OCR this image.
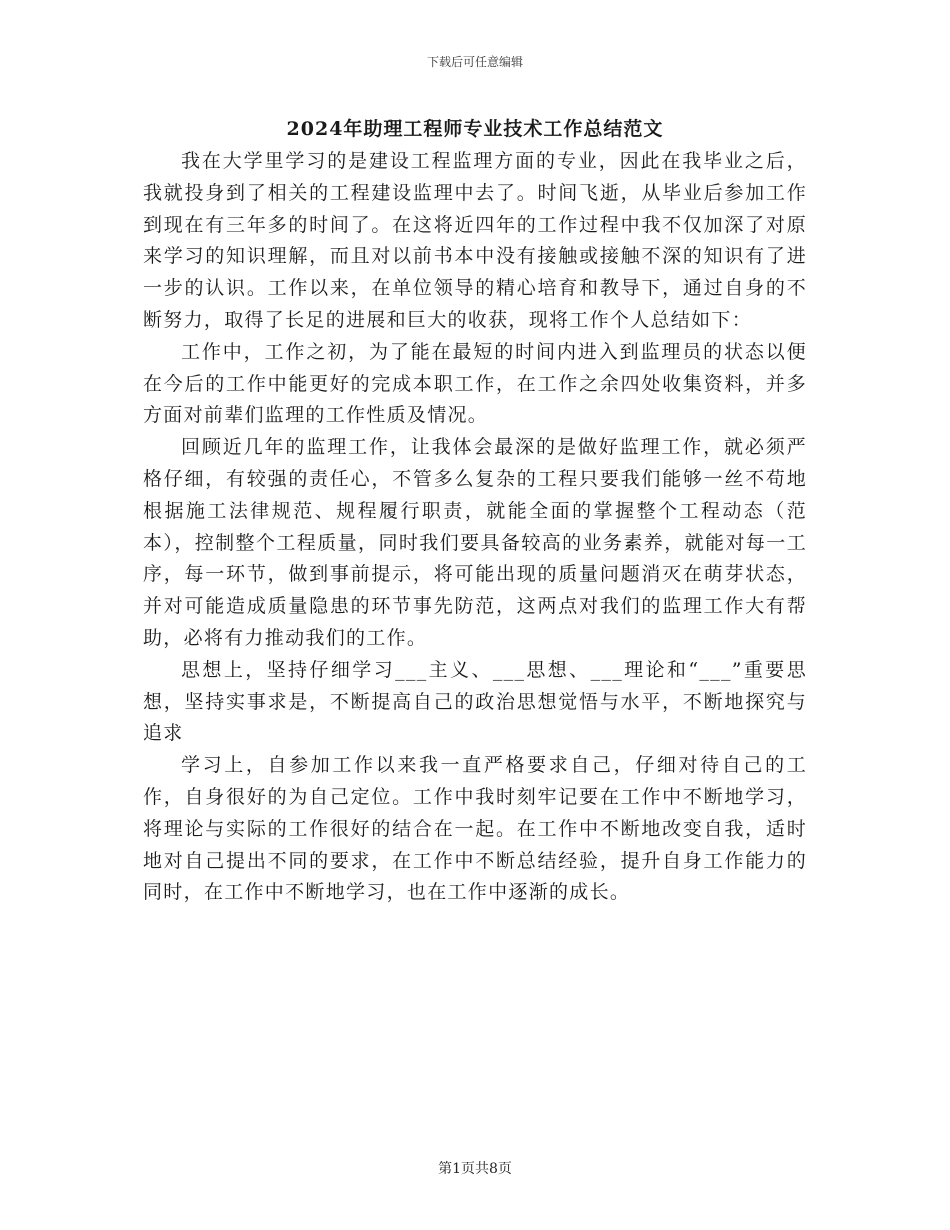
下载后可任意编辑
2024年助理工程师专业技术工作总结范文

我在大学里学习的是建设工程监理方面的专业，因此在我毕业之后，我就投身到了相关的工程建设监理中去了。时间飞逝，从毕业后参加工作到现在有三年多的时间了。在这将近四年的工作过程中我不仅加深了对原来学习的知识理解，而且对以前书本中没有接触或接触不深的知识有了进一步的认识。工作以来，在单位领导的精心培育和教导下，通过自身的不断努力，取得了长足的进展和巨大的收获，现将工作个人总结如下：

工作中，工作之初，为了能在最短的时间内进入到监理员的状态以便在今后的工作中能更好的完成本职工作，在工作之余四处收集资料，并多方面对前辈们监理的工作性质及情况。

回顾近几年的监理工作，让我体会最深的是做好监理工作，就必须严格仔细，有较强的责任心，不管多么复杂的工程只要我们能够一丝不苟地根据施工法律规范、规程履行职责，就能全面的掌握整个工程动态（范本），控制整个工程质量，同时我们要具备较高的业务素养，就能对每一工序，每一环节，做到事前提示，将可能出现的质量问题消灭在萌芽状态，并对可能造成质量隐患的环节事先防范，这两点对我们的监理工作大有帮助，必将有力推动我们的工作。

思想上，坚持仔细学习___主义、___思想、___理论和“___”重要思想，坚持实事求是，不断提高自己的政治思想觉悟与水平，不断地探究与追求

学习上，自参加工作以来我一直严格要求自己，仔细对待自己的工作，自身很好的为自己定位。工作中我时刻牢记要在工作中不断地学习，将理论与实际的工作很好的结合在一起。在工作中不断地改变自我，适时地对自己提出不同的要求，在工作中不断总结经验，提升自身工作能力的同时，在工作中不断地学习，也在工作中逐渐的成长。

第1页共8页
